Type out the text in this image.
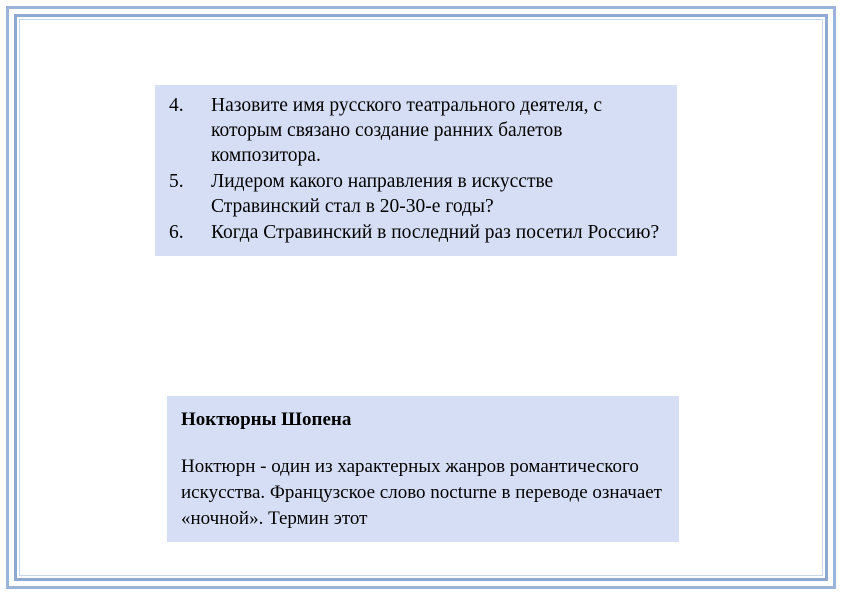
4.	Назовите имя русского театрального деятеля, с которым связано создание ранних балетов композитора.
5.	Лидером какого направления в искусстве Стравинский стал в 20-30-е годы?
6.	Когда Стравинский в последний раз посетил Россию?
Ноктюрны Шопена
Ноктюрн - один из характерных жанров романтического искусства. Французское слово nocturne в переводе означает «ночной». Термин этот
